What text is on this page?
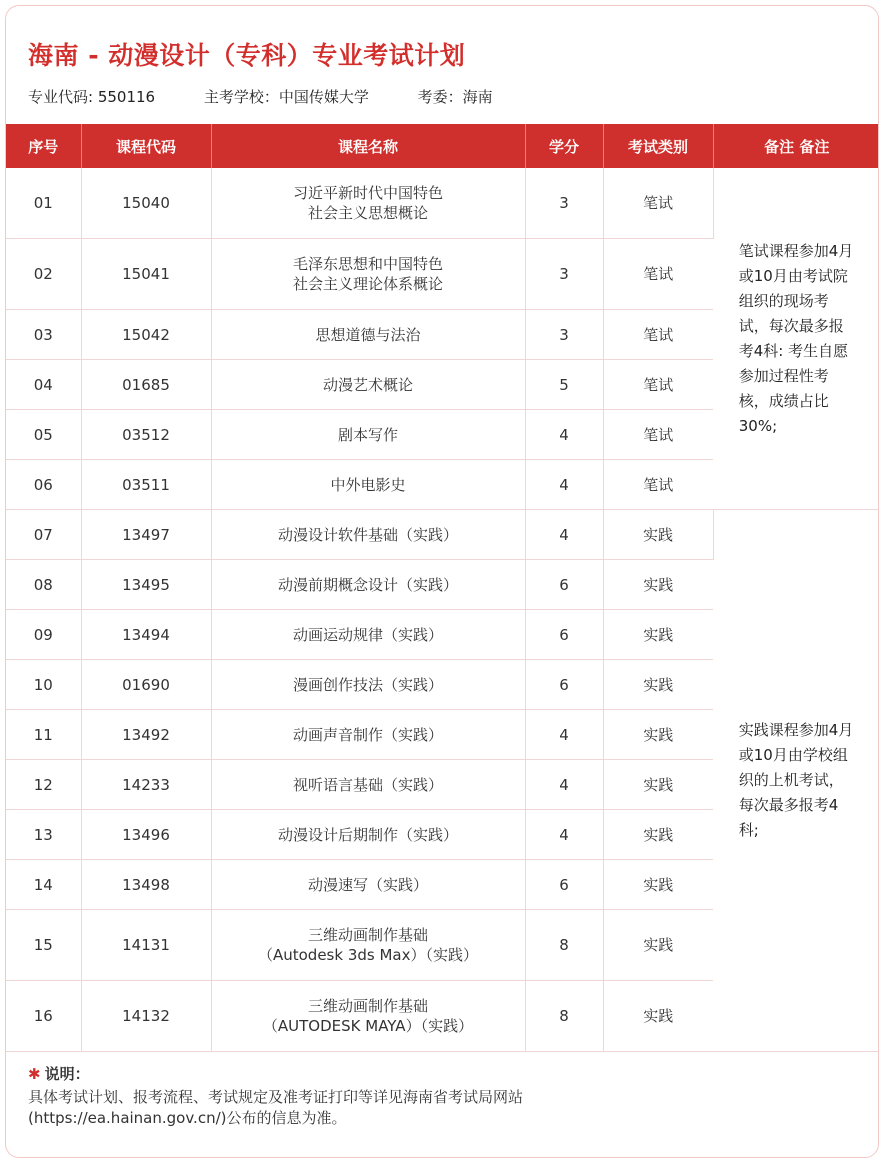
海南 - 动漫设计（专科）专业考试计划
专业代码: 550116	主考学校：中国传媒大学	考委：海南
序号	课程代码	课程名称	学分	考试类别	备注 备注
01	15040	习近平新时代中国特色
社会主义思想概论	3	笔试	笔试课程参加4月或10月由考试院组织的现场考试，每次最多报考4科: 考生自愿参加过程性考核，成绩占比30%;
02	15041	毛泽东思想和中国特色
社会主义理论体系概论	3	笔试	
03	15042	思想道德与法治	3	笔试	
04	01685	动漫艺术概论	5	笔试	
05	03512	剧本写作	4	笔试	
06	03511	中外电影史	4	笔试	
07	13497	动漫设计软件基础（实践）	4	实践	实践课程参加4月或10月由学校组织的上机考试，每次最多报考4科;
08	13495	动漫前期概念设计（实践）	6	实践	
09	13494	动画运动规律（实践）	6	实践	
10	01690	漫画创作技法（实践）	6	实践	
11	13492	动画声音制作（实践）	4	实践	
12	14233	视听语言基础（实践）	4	实践	
13	13496	动漫设计后期制作（实践）	4	实践	
14	13498	动漫速写（实践）	6	实践	
15	14131	三维动画制作基础
（Autodesk 3ds Max）（实践）	8	实践	
16	14132	三维动画制作基础
（AUTODESK MAYA）（实践）	8	实践	
✱ 说明：
具体考试计划、报考流程、考试规定及准考证打印等详见海南省考试局网站
(https://ea.hainan.gov.cn/)公布的信息为准。
